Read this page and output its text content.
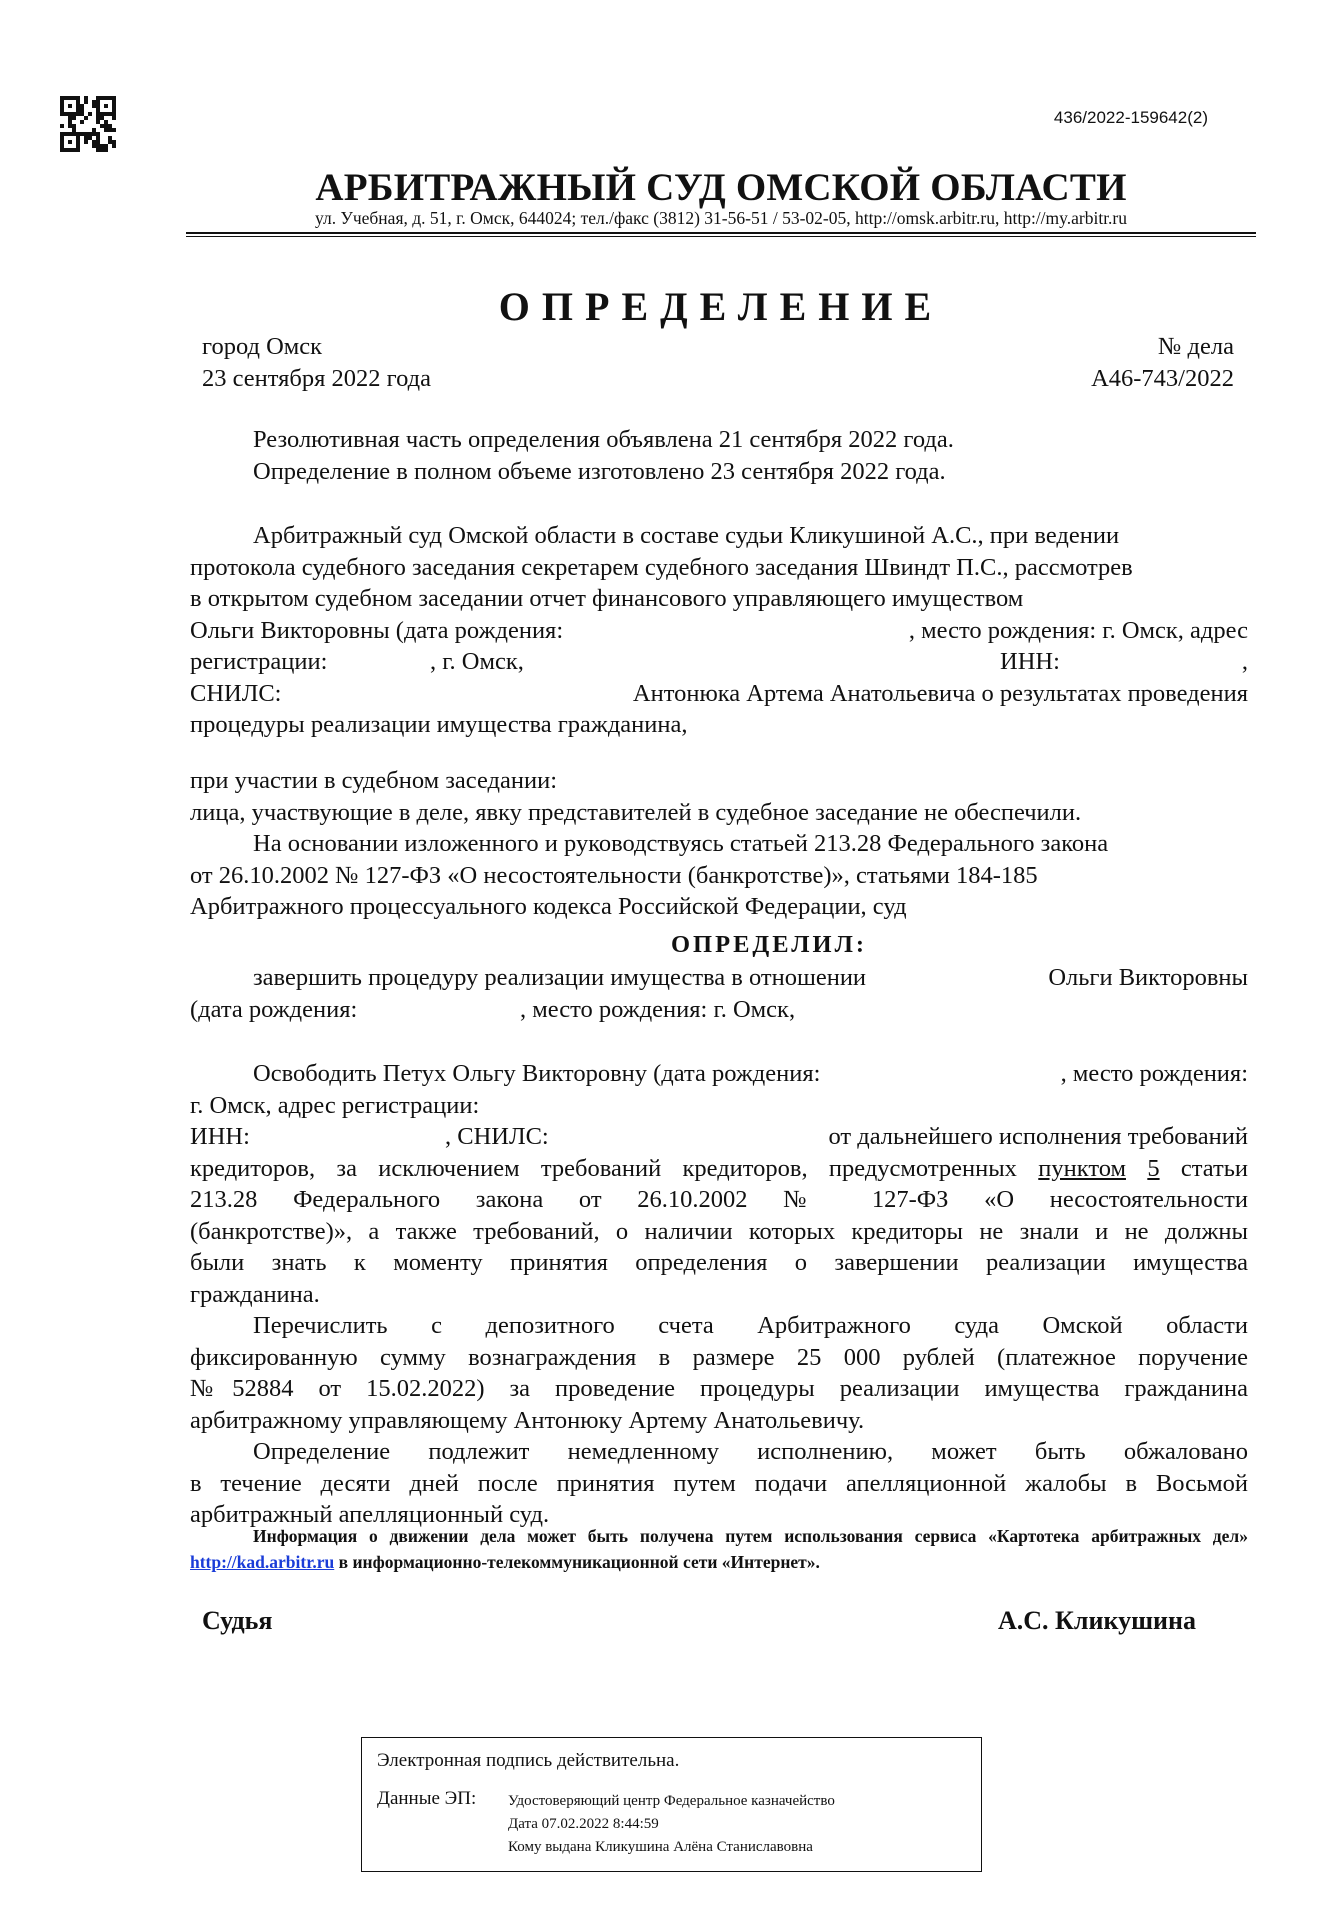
436/2022-159642(2)
АРБИТРАЖНЫЙ СУД ОМСКОЙ ОБЛАСТИ
ул. Учебная, д. 51, г. Омск, 644024; тел./факс (3812) 31-56-51 / 53-02-05, http://omsk.arbitr.ru, http://my.arbitr.ru
ОПРЕДЕЛЕНИЕ
город Омск
23 сентября 2022 года
№ дела
А46-743/2022

Резолютивная часть определения объявлена 21 сентября 2022 года.

Определение в полном объеме изготовлено 23 сентября 2022 года.

Арбитражный суд Омской области в составе судьи Кликушиной А.С., при ведении

протокола судебного заседания секретарем судебного заседания Швиндт П.С., рассмотрев

в открытом судебном заседании отчет финансового управляющего имуществом

Ольги Викторовны (дата рождения:	, место рождения: г. Омск, адрес

регистрации:	, г. Омск,	ИНН:	,

СНИЛС:	Антонюка Артема Анатольевича о результатах проведения

процедуры реализации имущества гражданина,

при участии в судебном заседании:

лица, участвующие в деле, явку представителей в судебное заседание не обеспечили.

На основании изложенного и руководствуясь статьей 213.28 Федерального закона

от 26.10.2002 № 127-ФЗ «О несостоятельности (банкротстве)», статьями 184-185

Арбитражного процессуального кодекса Российской Федерации, суд

ОПРЕДЕЛИЛ:

завершить процедуру реализации имущества в отношении	Ольги Викторовны

(дата рождения:	, место рождения: г. Омск,

Освободить Петух Ольгу Викторовну (дата рождения:	, место рождения:

г. Омск, адрес регистрации:

ИНН:	, СНИЛС:	от дальнейшего исполнения требований

кредиторов, за исключением требований кредиторов, предусмотренных пунктом 5 статьи

213.28 Федерального закона от 26.10.2002 № 127-ФЗ «О несостоятельности

(банкротстве)», а также требований, о наличии которых кредиторы не знали и не должны

были знать к моменту принятия определения о завершении реализации имущества

гражданина.

Перечислить с депозитного счета Арбитражного суда Омской области

фиксированную сумму вознаграждения в размере 25 000 рублей (платежное поручение

№52884 от 15.02.2022) за проведение процедуры реализации имущества гражданина

арбитражному управляющему Антонюку Артему Анатольевичу.

Определение подлежит немедленному исполнению, может быть обжаловано

в течение десяти дней после принятия путем подачи апелляционной жалобы в Восьмой

арбитражный апелляционный суд.

Информация о движении дела может быть получена путем использования сервиса «Картотека арбитражных дел» http://kad.arbitr.ru в информационно-телекоммуникационной сети «Интернет».
Судья	А.С. Кликушина
Электронная подпись действительна.
Данные ЭП: Удостоверяющий центр Федеральное казначейство
Дата 07.02.2022 8:44:59
Кому выдана Кликушина Алёна Станиславовна
